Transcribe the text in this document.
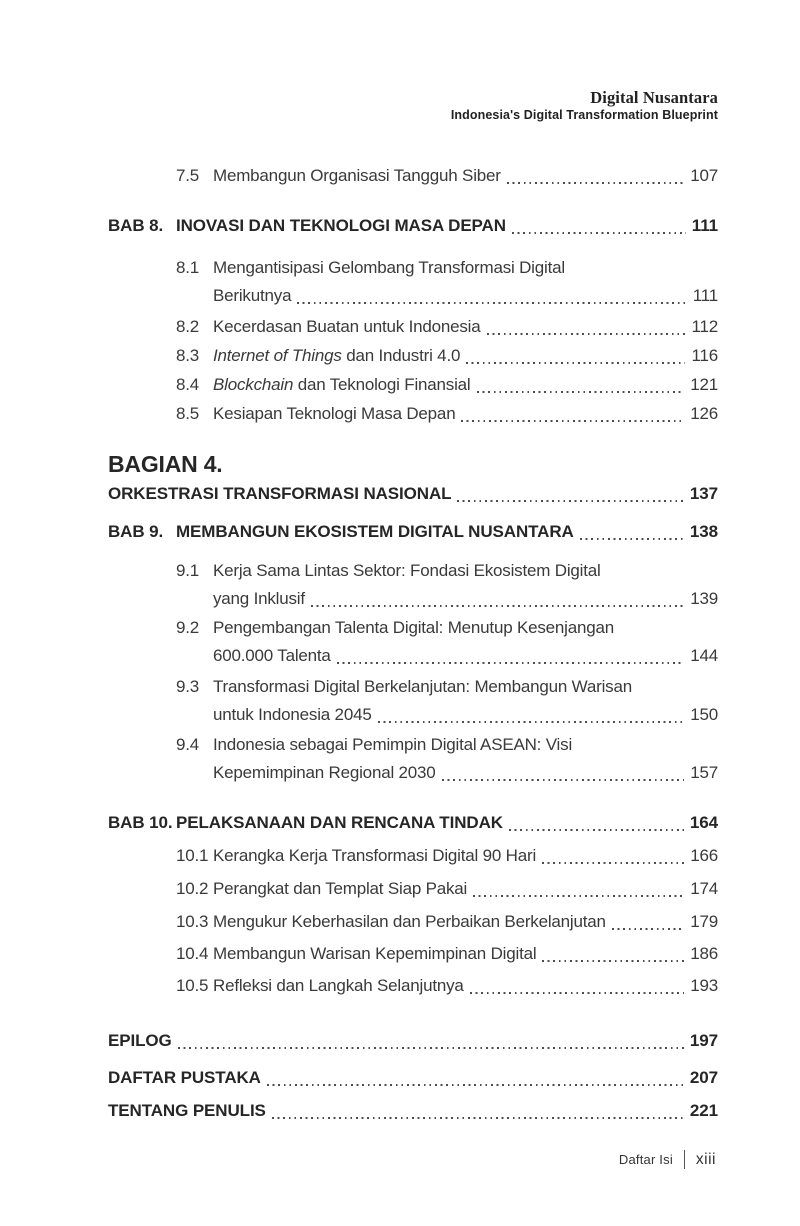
Digital Nusantara
Indonesia's Digital Transformation Blueprint
7.5 Membangun Organisasi Tangguh Siber	107
BAB 8. INOVASI DAN TEKNOLOGI MASA DEPAN	111
8.1 Mengantisipasi Gelombang Transformasi Digital
Berikutnya	111
8.2 Kecerdasan Buatan untuk Indonesia	112
8.3 Internet of Things dan Industri 4.0	116
8.4 Blockchain dan Teknologi Finansial	121
8.5 Kesiapan Teknologi Masa Depan	126
BAGIAN 4.
ORKESTRASI TRANSFORMASI NASIONAL	137
BAB 9. MEMBANGUN EKOSISTEM DIGITAL NUSANTARA	138
9.1 Kerja Sama Lintas Sektor: Fondasi Ekosistem Digital
yang Inklusif	139
9.2 Pengembangan Talenta Digital: Menutup Kesenjangan
600.000 Talenta	144
9.3 Transformasi Digital Berkelanjutan: Membangun Warisan
untuk Indonesia 2045	150
9.4 Indonesia sebagai Pemimpin Digital ASEAN: Visi
Kepemimpinan Regional 2030	157
BAB 10. PELAKSANAAN DAN RENCANA TINDAK	164
10.1 Kerangka Kerja Transformasi Digital 90 Hari	166
10.2 Perangkat dan Templat Siap Pakai	174
10.3 Mengukur Keberhasilan dan Perbaikan Berkelanjutan	179
10.4 Membangun Warisan Kepemimpinan Digital	186
10.5 Refleksi dan Langkah Selanjutnya	193
EPILOG	197
DAFTAR PUSTAKA	207
TENTANG PENULIS	221
Daftar Isi xiii
